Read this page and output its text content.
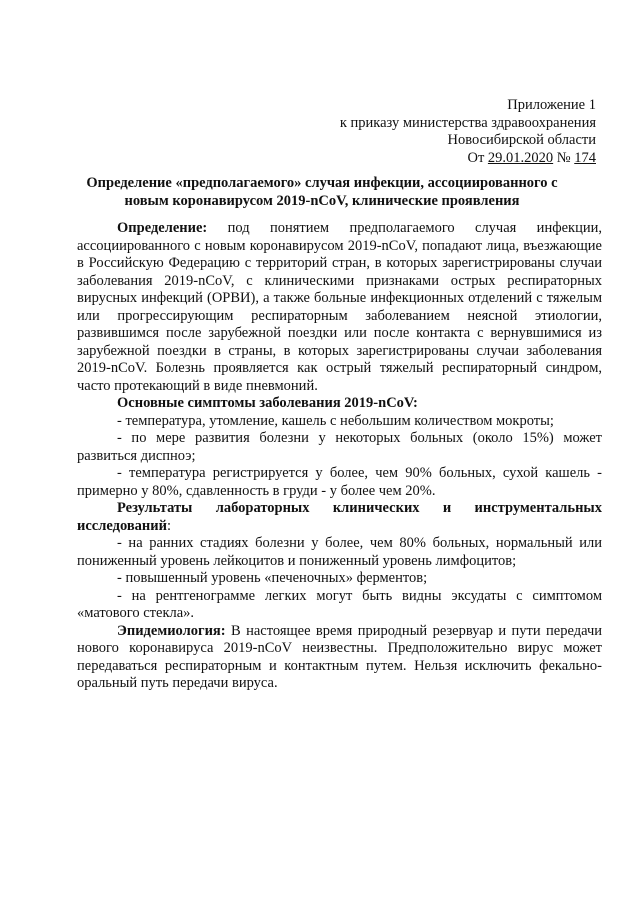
Приложение 1
к приказу министерства здравоохранения
Новосибирской области
От 29.01.2020 № 174
Определение «предполагаемого» случая инфекции, ассоциированного с
новым коронавирусом 2019-nCoV, клинические проявления

Определение: под понятием предполагаемого случая инфекции, ассоциированного с новым коронавирусом 2019-nCoV, попадают лица, въезжающие в Российскую Федерацию с территорий стран, в которых зарегистрированы случаи заболевания 2019-nCoV, с клиническими признаками острых респираторных вирусных инфекций (ОРВИ), а также больные инфекционных отделений с тяжелым или прогрессирующим респираторным заболеванием неясной этиологии, развившимся после зарубежной поездки или после контакта с вернувшимися из зарубежной поездки в страны, в которых зарегистрированы случаи заболевания 2019-nCoV. Болезнь проявляется как острый тяжелый респираторный синдром, часто протекающий в виде пневмоний.

Основные симптомы заболевания 2019-nCoV:

- температура, утомление, кашель с небольшим количеством мокроты;

- по мере развития болезни у некоторых больных (около 15%) может развиться диспноэ;

- температура регистрируется у более, чем 90% больных, сухой кашель - примерно у 80%, сдавленность в груди - у более чем 20%.

Результаты лабораторных клинических и инструментальных исследований:

- на ранних стадиях болезни у более, чем 80% больных, нормальный или пониженный уровень лейкоцитов и пониженный уровень лимфоцитов;

- повышенный уровень «печеночных» ферментов;

- на рентгенограмме легких могут быть видны эксудаты с симптомом «матового стекла».

Эпидемиология: В настоящее время природный резервуар и пути передачи нового коронавируса 2019-nCoV неизвестны. Предположительно вирус может передаваться респираторным и контактным путем. Нельзя исключить фекально-оральный путь передачи вируса.
